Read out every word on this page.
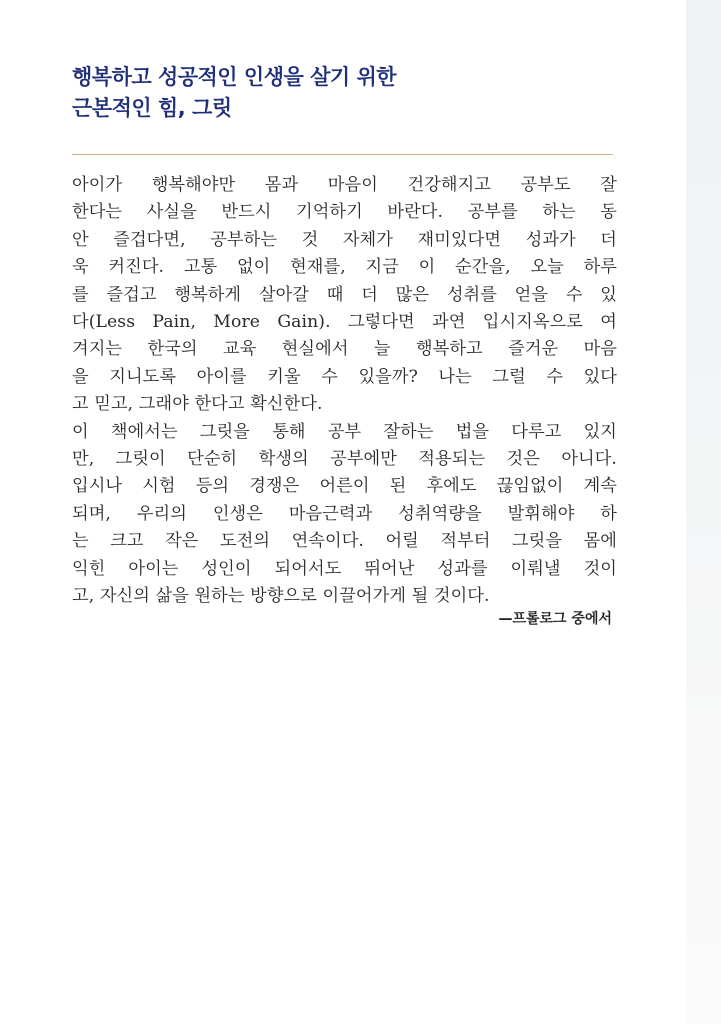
행복하고 성공적인 인생을 살기 위한
근본적인 힘, 그릿
아이가 행복해야만 몸과 마음이 건강해지고 공부도 잘
한다는 사실을 반드시 기억하기 바란다. 공부를 하는 동
안 즐겁다면, 공부하는 것 자체가 재미있다면 성과가 더
욱 커진다. 고통 없이 현재를, 지금 이 순간을, 오늘 하루
를 즐겁고 행복하게 살아갈 때 더 많은 성취를 얻을 수 있
다(Less Pain, More Gain). 그렇다면 과연 입시지옥으로 여
겨지는 한국의 교육 현실에서 늘 행복하고 즐거운 마음
을 지니도록 아이를 키울 수 있을까? 나는 그럴 수 있다
고 믿고, 그래야 한다고 확신한다.
이 책에서는 그릿을 통해 공부 잘하는 법을 다루고 있지
만, 그릿이 단순히 학생의 공부에만 적용되는 것은 아니다.
입시나 시험 등의 경쟁은 어른이 된 후에도 끊임없이 계속
되며, 우리의 인생은 마음근력과 성취역량을 발휘해야 하
는 크고 작은 도전의 연속이다. 어릴 적부터 그릿을 몸에
익힌 아이는 성인이 되어서도 뛰어난 성과를 이뤄낼 것이
고, 자신의 삶을 원하는 방향으로 이끌어가게 될 것이다.
—프롤로그 중에서
